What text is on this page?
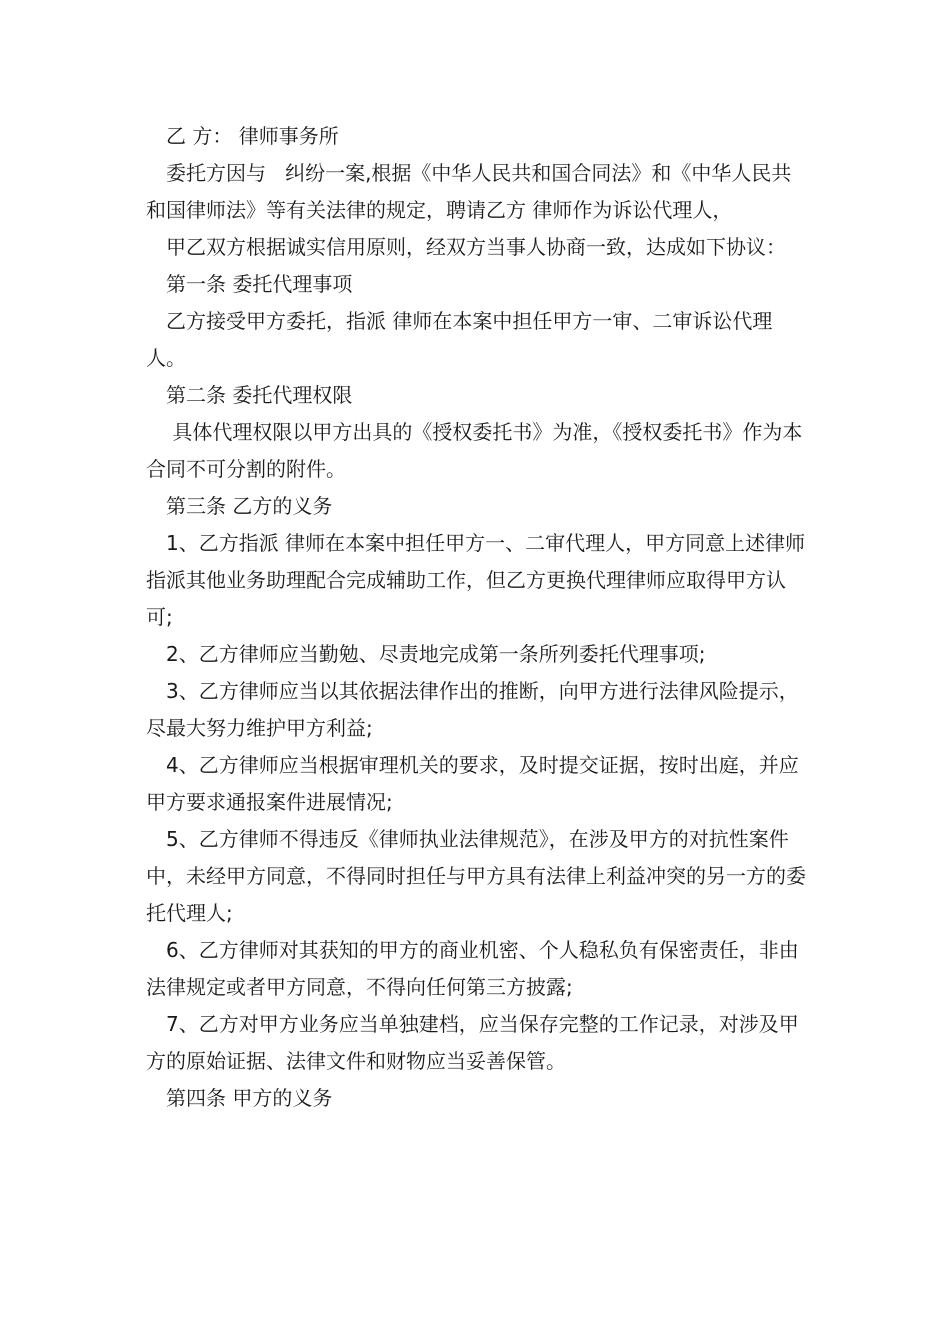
乙 方： 律师事务所

委托方因与   纠纷一案,根据《中华人民共和国合同法》和《中华人民共和国律师法》等有关法律的规定，聘请乙方 律师作为诉讼代理人，

甲乙双方根据诚实信用原则，经双方当事人协商一致，达成如下协议：

第一条 委托代理事项

乙方接受甲方委托，指派 律师在本案中担任甲方一审、二审诉讼代理人。

第二条 委托代理权限

具体代理权限以甲方出具的《授权委托书》为准，《授权委托书》作为本合同不可分割的附件。

第三条 乙方的义务

1、乙方指派 律师在本案中担任甲方一、二审代理人，甲方同意上述律师指派其他业务助理配合完成辅助工作，但乙方更换代理律师应取得甲方认可;

2、乙方律师应当勤勉、尽责地完成第一条所列委托代理事项;

3、乙方律师应当以其依据法律作出的推断，向甲方进行法律风险提示，尽最大努力维护甲方利益;

4、乙方律师应当根据审理机关的要求，及时提交证据，按时出庭，并应甲方要求通报案件进展情况;

5、乙方律师不得违反《律师执业法律规范》，在涉及甲方的对抗性案件中，未经甲方同意，不得同时担任与甲方具有法律上利益冲突的另一方的委托代理人;

6、乙方律师对其获知的甲方的商业机密、个人稳私负有保密责任，非由法律规定或者甲方同意，不得向任何第三方披露;

7、乙方对甲方业务应当单独建档，应当保存完整的工作记录，对涉及甲方的原始证据、法律文件和财物应当妥善保管。

第四条 甲方的义务
